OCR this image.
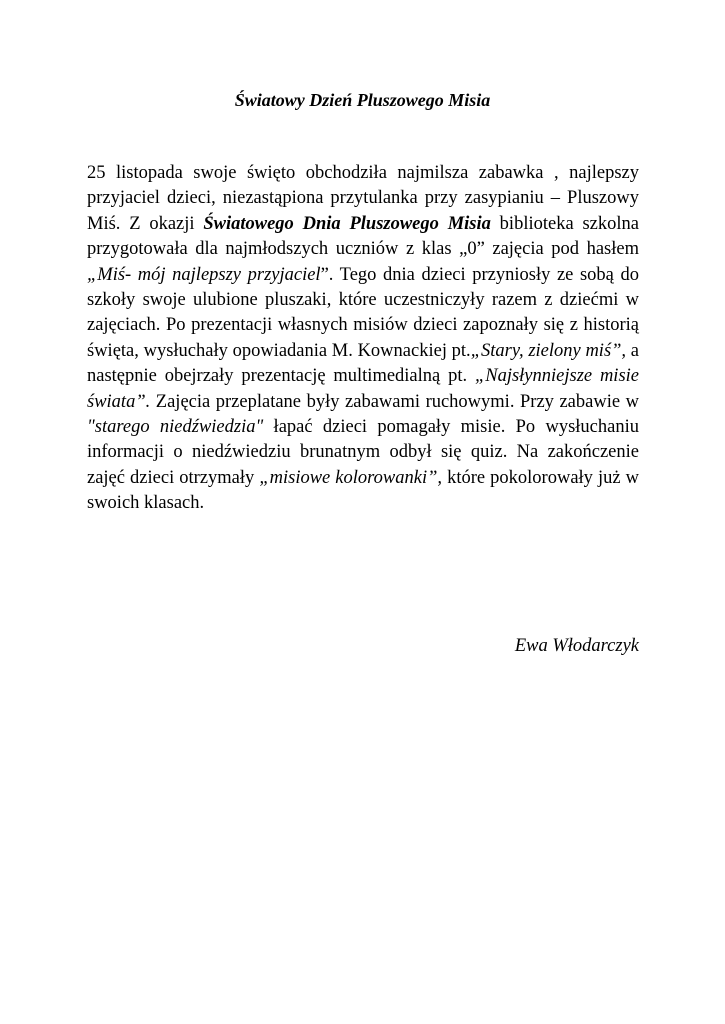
Światowy Dzień Pluszowego Misia

25 listopada swoje święto obchodziła najmilsza zabawka , najlepszy przyjaciel dzieci, niezastąpiona przytulanka przy zasypianiu – Pluszowy Miś. Z okazji Światowego Dnia Pluszowego Misia biblioteka szkolna przygotowała dla najmłodszych uczniów z klas „0” zajęcia pod hasłem „Miś- mój najlepszy przyjaciel”. Tego dnia dzieci przyniosły ze sobą do szkoły swoje ulubione pluszaki, które uczestniczyły razem z dziećmi w zajęciach. Po prezentacji własnych misiów dzieci zapoznały się z historią święta, wysłuchały opowiadania M. Kownackiej pt.„Stary, zielony miś”, a następnie obejrzały prezentację multimedialną pt. „Najsłynniejsze misie świata”. Zajęcia przeplatane były zabawami ruchowymi. Przy zabawie w "starego niedźwiedzia" łapać dzieci pomagały misie. Po wysłuchaniu informacji o niedźwiedziu brunatnym odbył się quiz. Na zakończenie zajęć dzieci otrzymały „misiowe kolorowanki”, które pokolorowały już w swoich klasach.

Ewa Włodarczyk
